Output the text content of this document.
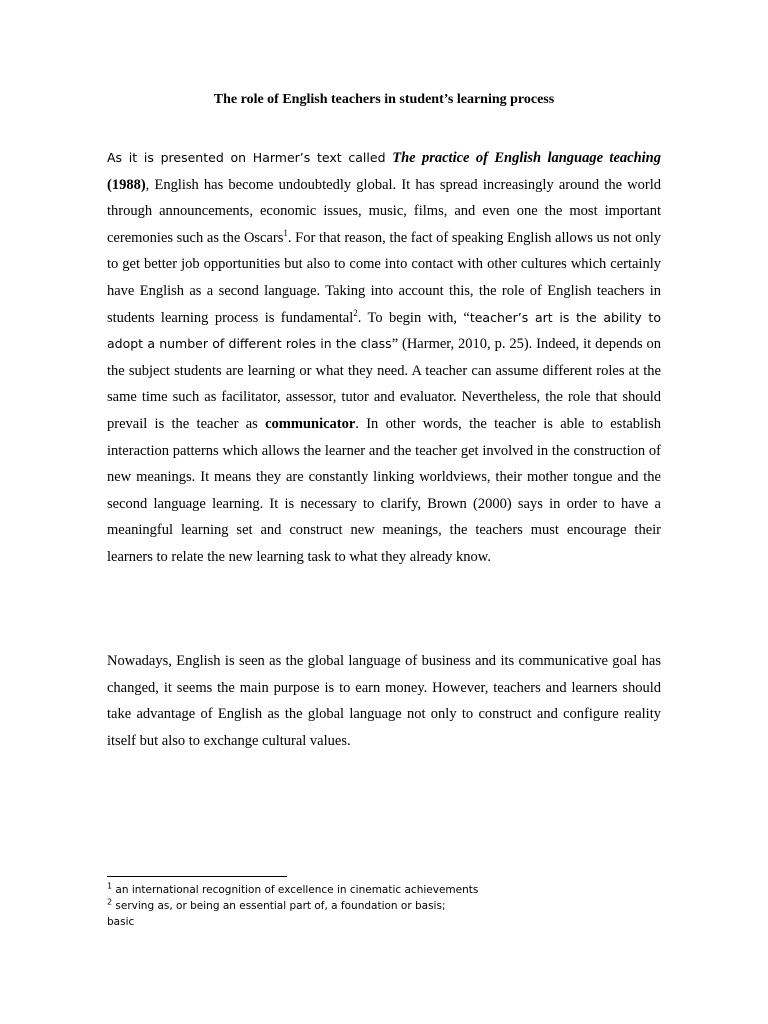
The role of English teachers in student’s learning process

As it is presented on Harmer’s text called The practice of English language teaching (1988), English has become undoubtedly global. It has spread increasingly around the world through announcements, economic issues, music, films, and even one the most important ceremonies such as the Oscars$^1$. For that reason, the fact of speaking English allows us not only to get better job opportunities but also to come into contact with other cultures which certainly have English as a second language. Taking into account this, the role of English teachers in students learning process is fundamental$^2$. To begin with, “teacher’s art is the ability to adopt a number of different roles in the class” (Harmer, 2010, p. 25). Indeed, it depends on the subject students are learning or what they need. A teacher can assume different roles at the same time such as facilitator, assessor, tutor and evaluator. Nevertheless, the role that should prevail is the teacher as communicator. In other words, the teacher is able to establish interaction patterns which allows the learner and the teacher get involved in the construction of new meanings. It means they are constantly linking worldviews, their mother tongue and the second language learning. It is necessary to clarify, Brown (2000) says in order to have a meaningful learning set and construct new meanings, the teachers must encourage their learners to relate the new learning task to what they already know.

Nowadays, English is seen as the global language of business and its communicative goal has changed, it seems the main purpose is to earn money. However, teachers and learners should take advantage of English as the global language not only to construct and configure reality itself but also to exchange cultural values.

$^1$ an international recognition of excellence in cinematic achievements
$^2$ serving as, or being an essential part of, a foundation or basis;
basic
